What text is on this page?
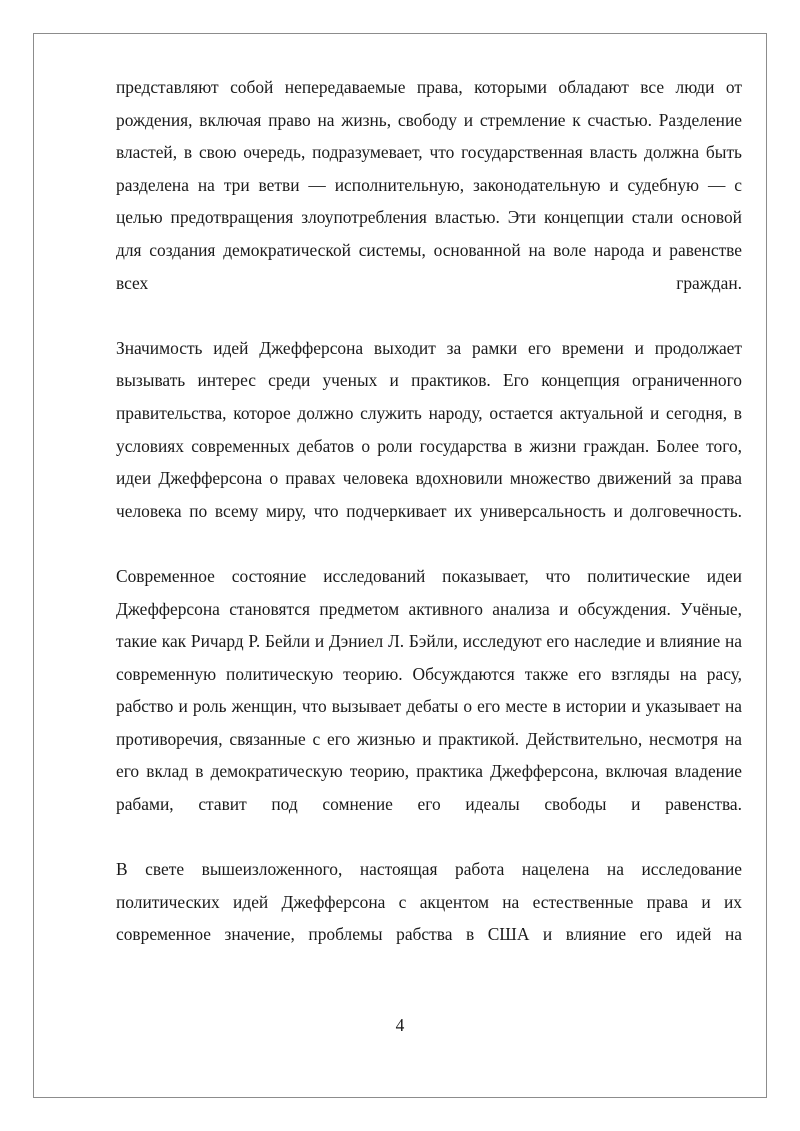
представляют собой непередаваемые права, которыми обладают все люди от рождения, включая право на жизнь, свободу и стремление к счастью. Разделение властей, в свою очередь, подразумевает, что государственная власть должна быть разделена на три ветви — исполнительную, законодательную и судебную — с целью предотвращения злоупотребления властью. Эти концепции стали основой для создания демократической системы, основанной на воле народа и равенстве всех граждан.

Значимость идей Джефферсона выходит за рамки его времени и продолжает вызывать интерес среди ученых и практиков. Его концепция ограниченного правительства, которое должно служить народу, остается актуальной и сегодня, в условиях современных дебатов о роли государства в жизни граждан. Более того, идеи Джефферсона о правах человека вдохновили множество движений за права человека по всему миру, что подчеркивает их универсальность и долговечность.

Современное состояние исследований показывает, что политические идеи Джефферсона становятся предметом активного анализа и обсуждения. Учёные, такие как Ричард Р. Бейли и Дэниел Л. Бэйли, исследуют его наследие и влияние на современную политическую теорию. Обсуждаются также его взгляды на расу, рабство и роль женщин, что вызывает дебаты о его месте в истории и указывает на противоречия, связанные с его жизнью и практикой. Действительно, несмотря на его вклад в демократическую теорию, практика Джефферсона, включая владение рабами, ставит под сомнение его идеалы свободы и равенства.

В свете вышеизложенного, настоящая работа нацелена на исследование политических идей Джефферсона с акцентом на естественные права и их современное значение, проблемы рабства в США и влияние его идей на

4
